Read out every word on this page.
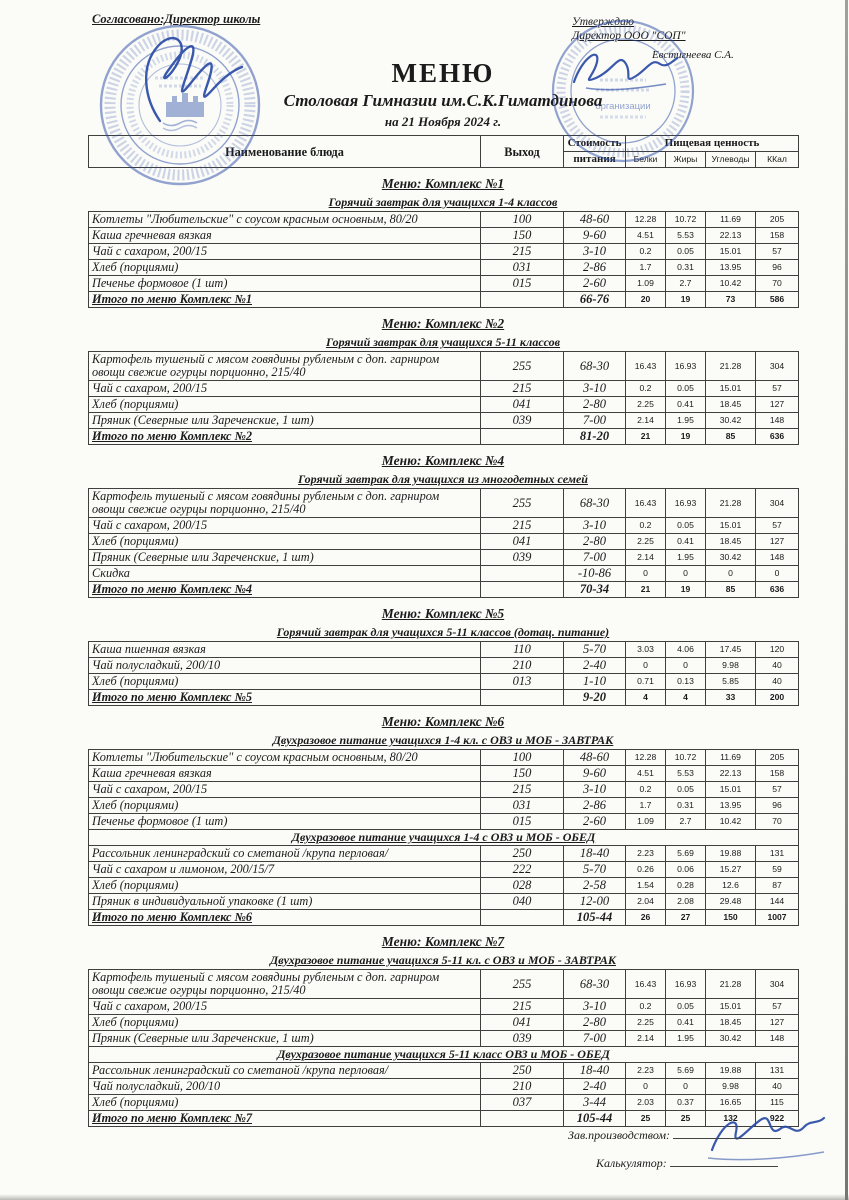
Согласовано:Директор школы	Утверждаю
Директор ООО "СОП"
Евстигнеева С.А.
организации
МЕНЮ
Столовая Гимназии им.С.К.Гиматдинова
на 21 Ноября 2024 г.
Наименование блюда	Выход	Стоимость	Пищевая ценность			
		питания	Белки	Жиры	Углеводы	ККал
Меню: Комплекс №1
Горячий завтрак для учащихся 1-4 классов
Котлеты "Любительские" с соусом красным основным, 80/20	100	48-60	12.28	10.72	11.69	205
Каша гречневая вязкая	150	9-60	4.51	5.53	22.13	158
Чай с сахаром, 200/15	215	3-10	0.2	0.05	15.01	57
Хлеб (порциями)	031	2-86	1.7	0.31	13.95	96
Печенье формовое (1 шт)	015	2-60	1.09	2.7	10.42	70
Итого по меню Комплекс №1		66-76	20	19	73	586
Меню: Комплекс №2
Горячий завтрак для учащихся 5-11 классов
Картофель тушеный с мясом говядины рубленым с доп. гарниром
овощи свежие огурцы порционно, 215/40	255	68-30	16.43	16.93	21.28	304
Чай с сахаром, 200/15	215	3-10	0.2	0.05	15.01	57
Хлеб (порциями)	041	2-80	2.25	0.41	18.45	127
Пряник (Северные или Зареченские, 1 шт)	039	7-00	2.14	1.95	30.42	148
Итого по меню Комплекс №2		81-20	21	19	85	636
Меню: Комплекс №4
Горячий завтрак для учащихся из многодетных семей
Картофель тушеный с мясом говядины рубленым с доп. гарниром
овощи свежие огурцы порционно, 215/40	255	68-30	16.43	16.93	21.28	304
Чай с сахаром, 200/15	215	3-10	0.2	0.05	15.01	57
Хлеб (порциями)	041	2-80	2.25	0.41	18.45	127
Пряник (Северные или Зареченские, 1 шт)	039	7-00	2.14	1.95	30.42	148
Скидка		-10-86	0	0	0	0
Итого по меню Комплекс №4		70-34	21	19	85	636
Меню: Комплекс №5
Горячий завтрак для учащихся 5-11 классов (дотац. питание)
Каша пшенная вязкая	110	5-70	3.03	4.06	17.45	120
Чай полусладкий, 200/10	210	2-40	0	0	9.98	40
Хлеб (порциями)	013	1-10	0.71	0.13	5.85	40
Итого по меню Комплекс №5		9-20	4	4	33	200
Меню: Комплекс №6
Двухразовое питание учащихся 1-4 кл. с ОВЗ и МОБ - ЗАВТРАК
Котлеты "Любительские" с соусом красным основным, 80/20	100	48-60	12.28	10.72	11.69	205
Каша гречневая вязкая	150	9-60	4.51	5.53	22.13	158
Чай с сахаром, 200/15	215	3-10	0.2	0.05	15.01	57
Хлеб (порциями)	031	2-86	1.7	0.31	13.95	96
Печенье формовое (1 шт)	015	2-60	1.09	2.7	10.42	70
Двухразовое питание учащихся 1-4 с ОВЗ и МОБ - ОБЕД						
Рассольник ленинградский со сметаной /крупа перловая/	250	18-40	2.23	5.69	19.88	131
Чай с сахаром и лимоном, 200/15/7	222	5-70	0.26	0.06	15.27	59
Хлеб (порциями)	028	2-58	1.54	0.28	12.6	87
Пряник в индивидуальной упаковке (1 шт)	040	12-00	2.04	2.08	29.48	144
Итого по меню Комплекс №6		105-44	26	27	150	1007
Меню: Комплекс №7
Двухразовое питание учащихся 5-11 кл. с ОВЗ и МОБ - ЗАВТРАК
Картофель тушеный с мясом говядины рубленым с доп. гарниром
овощи свежие огурцы порционно, 215/40	255	68-30	16.43	16.93	21.28	304
Чай с сахаром, 200/15	215	3-10	0.2	0.05	15.01	57
Хлеб (порциями)	041	2-80	2.25	0.41	18.45	127
Пряник (Северные или Зареченские, 1 шт)	039	7-00	2.14	1.95	30.42	148
Двухразовое питание учащихся 5-11 класс ОВЗ и МОБ - ОБЕД						
Рассольник ленинградский со сметаной /крупа перловая/	250	18-40	2.23	5.69	19.88	131
Чай полусладкий, 200/10	210	2-40	0	0	9.98	40
Хлеб (порциями)	037	3-44	2.03	0.37	16.65	115
Итого по меню Комплекс №7		105-44	25	25	132	922
Зав.производством:
Калькулятор:
